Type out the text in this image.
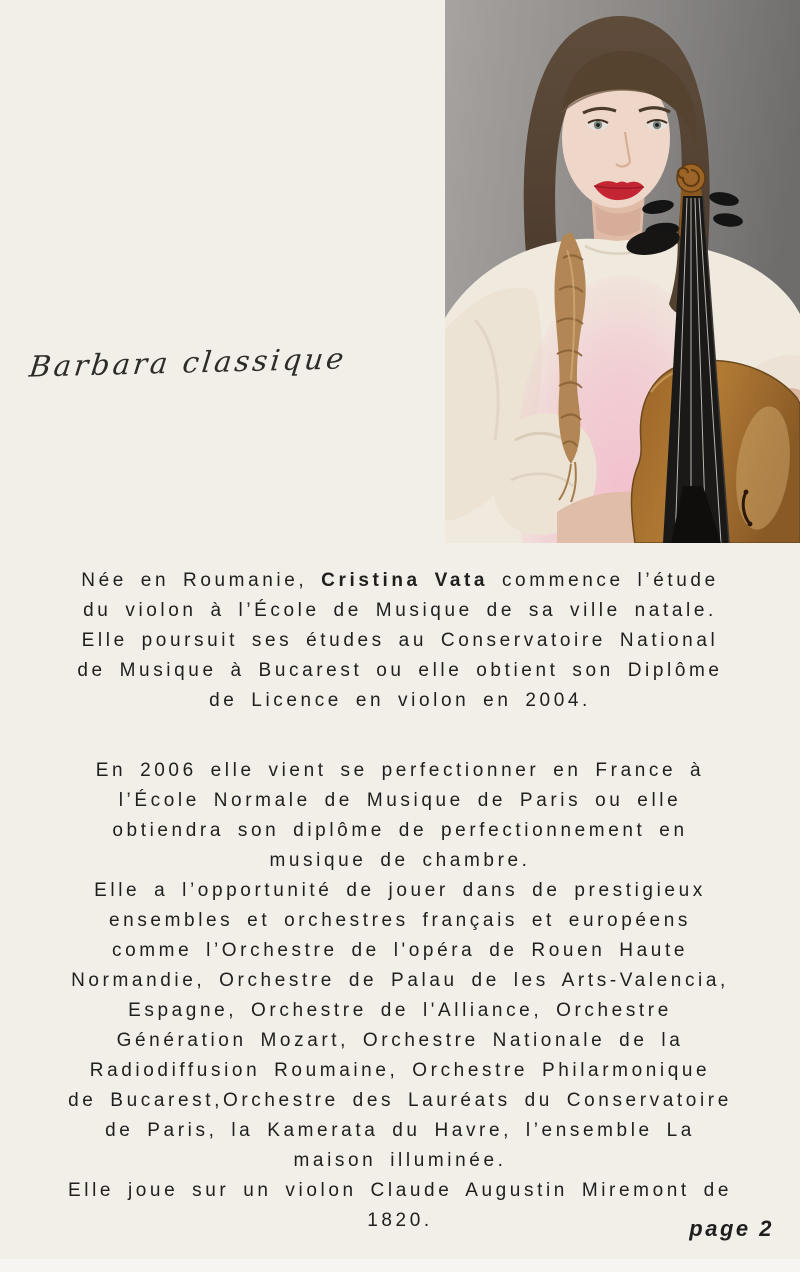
Barbara classique

Née en Roumanie, Cristina Vata commence l’étude
du violon à l’École de Musique de sa ville natale.
Elle poursuit ses études au Conservatoire National
de Musique à Bucarest ou elle obtient son Diplôme
de Licence en violon en 2004.

En 2006 elle vient se perfectionner en France à
l’École Normale de Musique de Paris ou elle
obtiendra son diplôme de perfectionnement en
musique de chambre.
Elle a l’opportunité de jouer dans de prestigieux
ensembles et orchestres français et européens
comme l’Orchestre de l'opéra de Rouen Haute
Normandie, Orchestre de Palau de les Arts-Valencia,
Espagne, Orchestre de l'Alliance, Orchestre
Génération Mozart, Orchestre Nationale de la
Radiodiffusion Roumaine, Orchestre Philarmonique
de Bucarest,Orchestre des Lauréats du Conservatoire
de Paris, la Kamerata du Havre, l’ensemble La
maison illuminée.
Elle joue sur un violon Claude Augustin Miremont de
1820.	page 2
